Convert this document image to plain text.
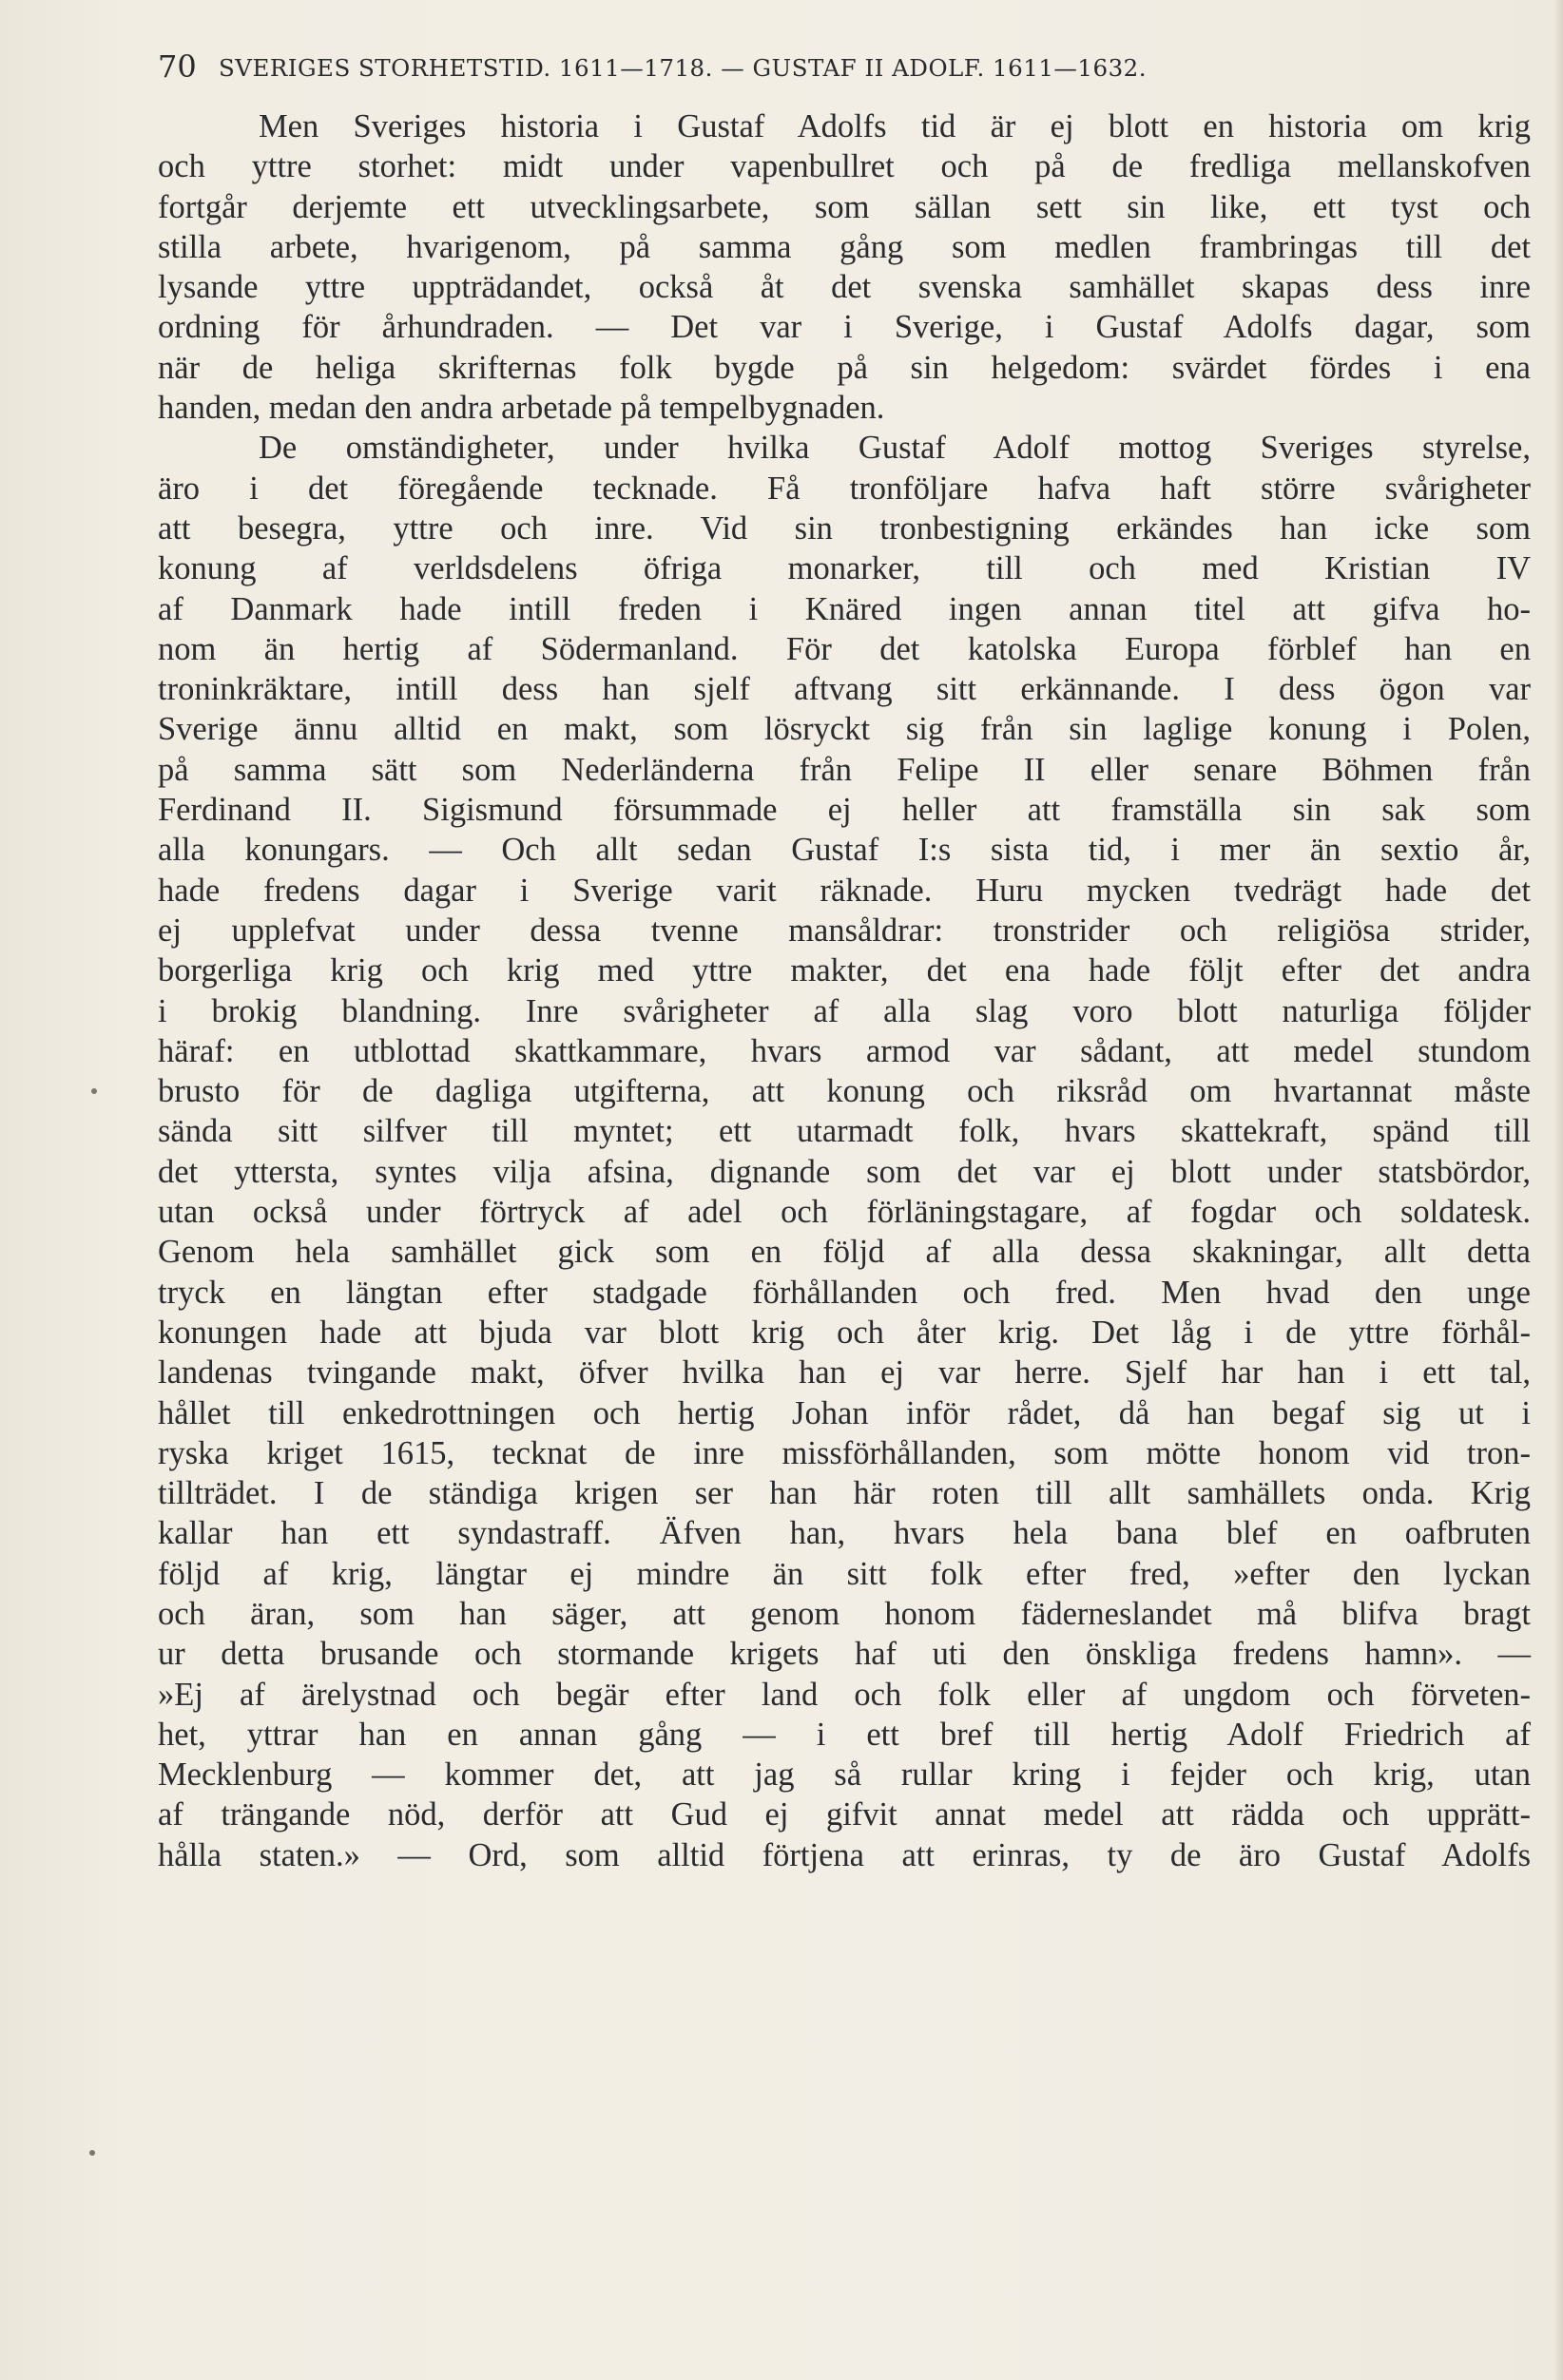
70 SVERIGES STORHETSTID. 1611—1718. — GUSTAF II ADOLF. 1611—1632.
Men Sveriges historia i Gustaf Adolfs tid är ej blott en historia om krig
och yttre storhet: midt under vapenbullret och på de fredliga mellanskofven
fortgår derjemte ett utvecklingsarbete, som sällan sett sin like, ett tyst och
stilla arbete, hvarigenom, på samma gång som medlen frambringas till det
lysande yttre uppträdandet, också åt det svenska samhället skapas dess inre
ordning för århundraden. — Det var i Sverige, i Gustaf Adolfs dagar, som
när de heliga skrifternas folk bygde på sin helgedom: svärdet fördes i ena
handen, medan den andra arbetade på tempelbygnaden.
De omständigheter, under hvilka Gustaf Adolf mottog Sveriges styrelse,
äro i det föregående tecknade. Få tronföljare hafva haft större svårigheter
att besegra, yttre och inre. Vid sin tronbestigning erkändes han icke som
konung af verldsdelens öfriga monarker, till och med Kristian IV
af Danmark hade intill freden i Knäred ingen annan titel att gifva ho-
nom än hertig af Södermanland. För det katolska Europa förblef han en
troninkräktare, intill dess han sjelf aftvang sitt erkännande. I dess ögon var
Sverige ännu alltid en makt, som lösryckt sig från sin laglige konung i Polen,
på samma sätt som Nederländerna från Felipe II eller senare Böhmen från
Ferdinand II. Sigismund försummade ej heller att framställa sin sak som
alla konungars. — Och allt sedan Gustaf I:s sista tid, i mer än sextio år,
hade fredens dagar i Sverige varit räknade. Huru mycken tvedrägt hade det
ej upplefvat under dessa tvenne mansåldrar: tronstrider och religiösa strider,
borgerliga krig och krig med yttre makter, det ena hade följt efter det andra
i brokig blandning. Inre svårigheter af alla slag voro blott naturliga följder
häraf: en utblottad skattkammare, hvars armod var sådant, att medel stundom
brusto för de dagliga utgifterna, att konung och riksråd om hvartannat måste
sända sitt silfver till myntet; ett utarmadt folk, hvars skattekraft, spänd till
det yttersta, syntes vilja afsina, dignande som det var ej blott under statsbördor,
utan också under förtryck af adel och förläningstagare, af fogdar och soldatesk.
Genom hela samhället gick som en följd af alla dessa skakningar, allt detta
tryck en längtan efter stadgade förhållanden och fred. Men hvad den unge
konungen hade att bjuda var blott krig och åter krig. Det låg i de yttre förhål-
landenas tvingande makt, öfver hvilka han ej var herre. Sjelf har han i ett tal,
hållet till enkedrottningen och hertig Johan inför rådet, då han begaf sig ut i
ryska kriget 1615, tecknat de inre missförhållanden, som mötte honom vid tron-
tillträdet. I de ständiga krigen ser han här roten till allt samhällets onda. Krig
kallar han ett syndastraff. Äfven han, hvars hela bana blef en oafbruten
följd af krig, längtar ej mindre än sitt folk efter fred, »efter den lyckan
och äran, som han säger, att genom honom fäderneslandet må blifva bragt
ur detta brusande och stormande krigets haf uti den önskliga fredens hamn». —
»Ej af ärelystnad och begär efter land och folk eller af ungdom och förveten-
het, yttrar han en annan gång — i ett bref till hertig Adolf Friedrich af
Mecklenburg — kommer det, att jag så rullar kring i fejder och krig, utan
af trängande nöd, derför att Gud ej gifvit annat medel att rädda och upprätt-
hålla staten.» — Ord, som alltid förtjena att erinras, ty de äro Gustaf Adolfs
